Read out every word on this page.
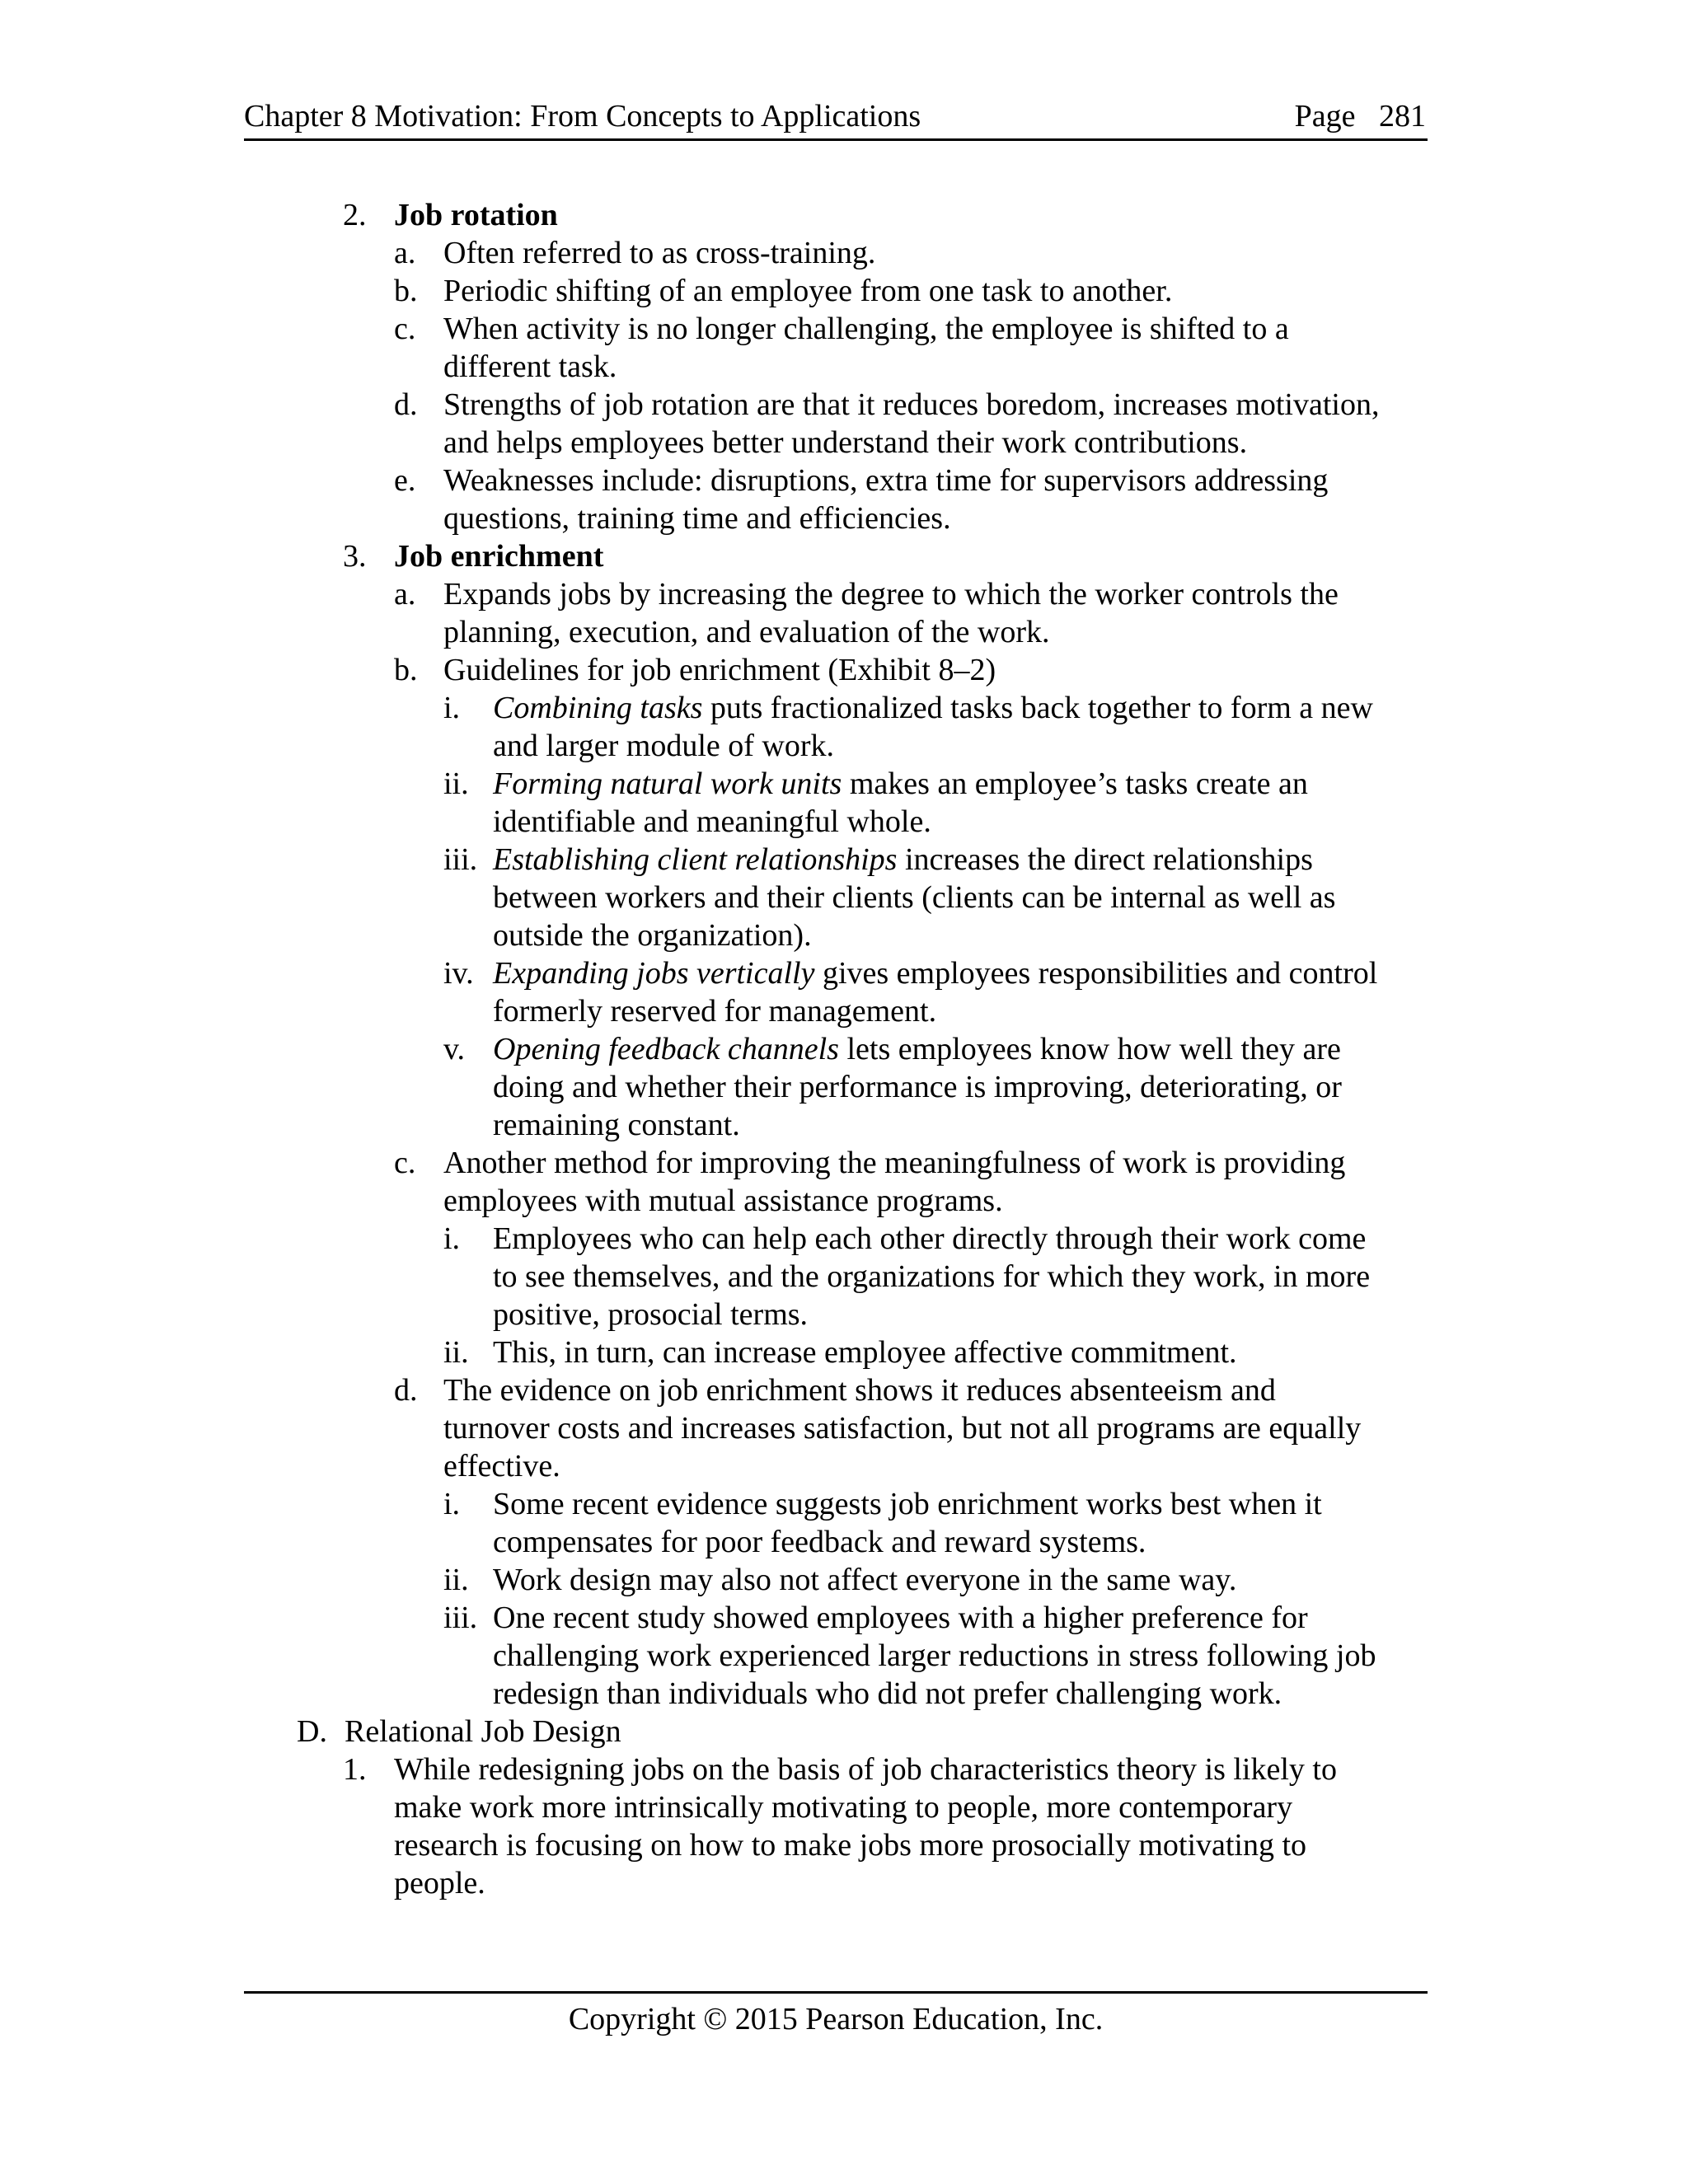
Chapter 8 Motivation: From Concepts to Applications	Page   281
2. Job rotation
a. Often referred to as cross-training.
b. Periodic shifting of an employee from one task to another.
c. When activity is no longer challenging, the employee is shifted to a
different task.
d. Strengths of job rotation are that it reduces boredom, increases motivation,
and helps employees better understand their work contributions.
e. Weaknesses include: disruptions, extra time for supervisors addressing
questions, training time and efficiencies.
3. Job enrichment
a. Expands jobs by increasing the degree to which the worker controls the
planning, execution, and evaluation of the work.
b. Guidelines for job enrichment (Exhibit 8–2)
i. Combining tasks puts fractionalized tasks back together to form a new
and larger module of work.
ii. Forming natural work units makes an employee’s tasks create an
identifiable and meaningful whole.
iii. Establishing client relationships increases the direct relationships
between workers and their clients (clients can be internal as well as
outside the organization).
iv. Expanding jobs vertically gives employees responsibilities and control
formerly reserved for management.
v. Opening feedback channels lets employees know how well they are
doing and whether their performance is improving, deteriorating, or
remaining constant.
c. Another method for improving the meaningfulness of work is providing
employees with mutual assistance programs.
i. Employees who can help each other directly through their work come
to see themselves, and the organizations for which they work, in more
positive, prosocial terms.
ii. This, in turn, can increase employee affective commitment.
d. The evidence on job enrichment shows it reduces absenteeism and
turnover costs and increases satisfaction, but not all programs are equally
effective.
i. Some recent evidence suggests job enrichment works best when it
compensates for poor feedback and reward systems.
ii. Work design may also not affect everyone in the same way.
iii. One recent study showed employees with a higher preference for
challenging work experienced larger reductions in stress following job
redesign than individuals who did not prefer challenging work.
D. Relational Job Design
1. While redesigning jobs on the basis of job characteristics theory is likely to
make work more intrinsically motivating to people, more contemporary
research is focusing on how to make jobs more prosocially motivating to
people.
Copyright © 2015 Pearson Education, Inc.
